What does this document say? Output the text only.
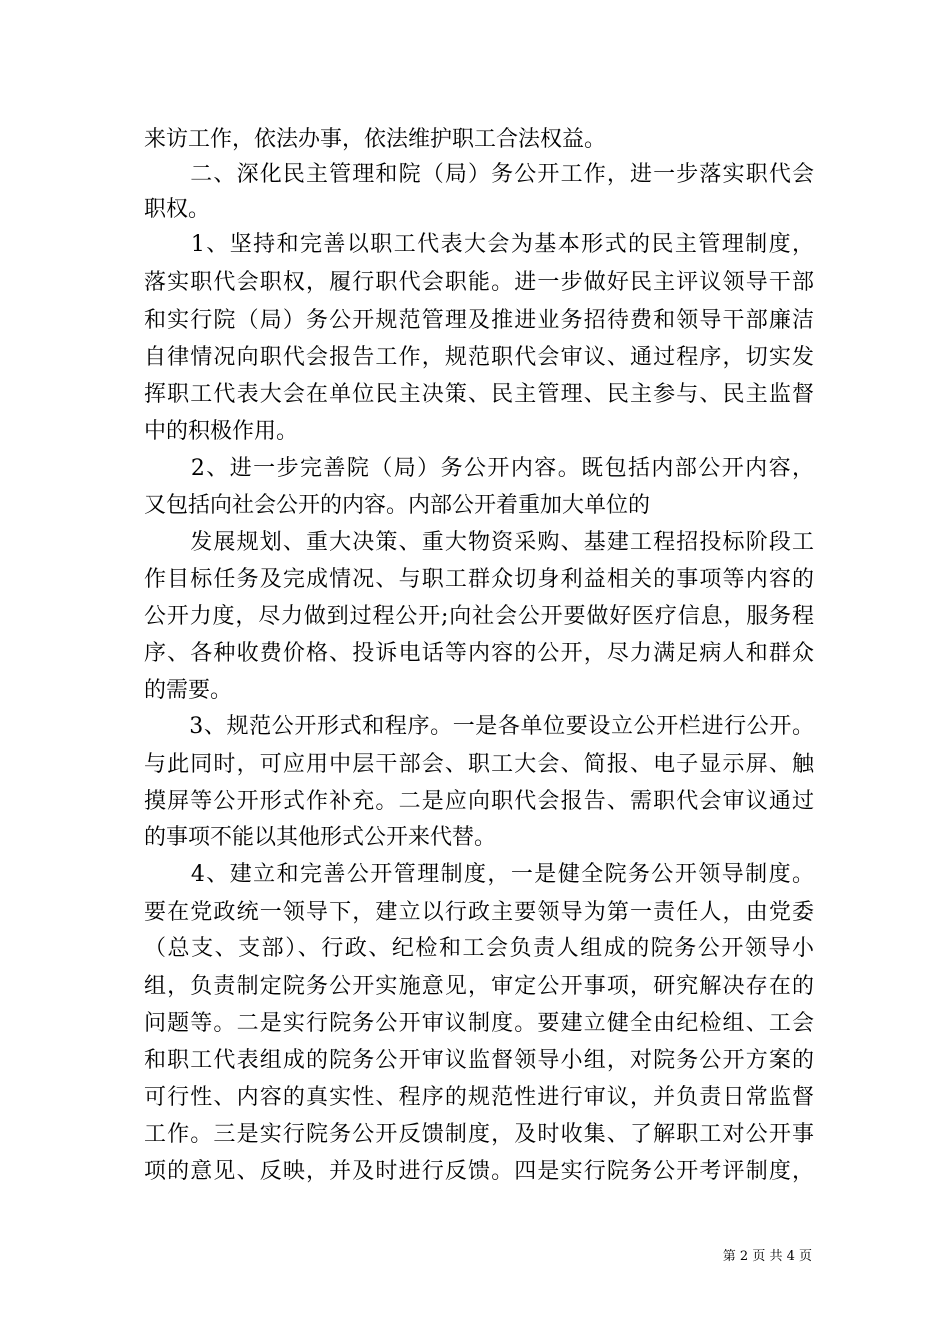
来访工作，依法办事，依法维护职工合法权益。
　　二、深化民主管理和院（局）务公开工作，进一步落实职代会
职权。
　　1、坚持和完善以职工代表大会为基本形式的民主管理制度，
落实职代会职权，履行职代会职能。进一步做好民主评议领导干部
和实行院（局）务公开规范管理及推进业务招待费和领导干部廉洁
自律情况向职代会报告工作，规范职代会审议、通过程序，切实发
挥职工代表大会在单位民主决策、民主管理、民主参与、民主监督
中的积极作用。
　　2、进一步完善院（局）务公开内容。既包括内部公开内容，
又包括向社会公开的内容。内部公开着重加大单位的
　　发展规划、重大决策、重大物资采购、基建工程招投标阶段工
作目标任务及完成情况、与职工群众切身利益相关的事项等内容的
公开力度，尽力做到过程公开;向社会公开要做好医疗信息，服务程
序、各种收费价格、投诉电话等内容的公开，尽力满足病人和群众
的需要。
　　3、规范公开形式和程序。一是各单位要设立公开栏进行公开。
与此同时，可应用中层干部会、职工大会、简报、电子显示屏、触
摸屏等公开形式作补充。二是应向职代会报告、需职代会审议通过
的事项不能以其他形式公开来代替。
　　4、建立和完善公开管理制度，一是健全院务公开领导制度。
要在党政统一领导下，建立以行政主要领导为第一责任人，由党委
（总支、支部）、行政、纪检和工会负责人组成的院务公开领导小
组，负责制定院务公开实施意见，审定公开事项，研究解决存在的
问题等。二是实行院务公开审议制度。要建立健全由纪检组、工会
和职工代表组成的院务公开审议监督领导小组，对院务公开方案的
可行性、内容的真实性、程序的规范性进行审议，并负责日常监督
工作。三是实行院务公开反馈制度，及时收集、了解职工对公开事
项的意见、反映，并及时进行反馈。四是实行院务公开考评制度，
第 2 页 共 4 页
